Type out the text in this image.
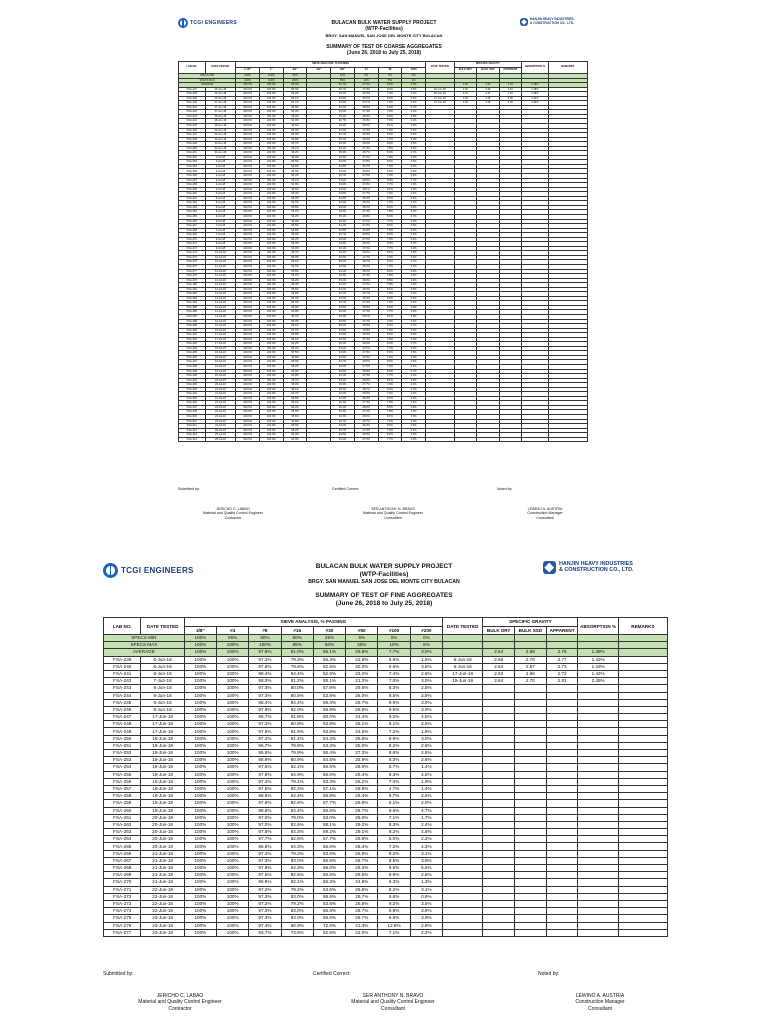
TCGI ENGINEERS
HANJIN HEAVY INDUSTRIES
& CONSTRUCTION CO., LTD.
BULACAN BULK WATER SUPPLY PROJECT
(WTP-Facilities)
BRGY. SAN MANUEL SAN JOSE DEL MONTE CITY BULACAN
SUMMARY OF TEST OF COARSE AGGREGATES
(June 26, 2018 to July 25, 2018)
LAB NO.	DATE TESTED	SIEVE ANALYSIS, % PASSING								DATE TESTED	SPECIFIC GRAVITY			ABSORPTION %	REMARKS
		1 1/2"	1"	3/4"	1/2"	3/8"	#4	#8	#200		BULK DRY	BULK SSD	APPARENT		
SPECS MIN		100%	100%	90%		20%	0%	0%	0%						
SPECS MAX		100%	100%	100%		55%	10%	5%	1%						
AVERAGE		100.0%	100.0%	95.4%		33.7%	27.9%	8.0%	3.5%		2.40	2.46	2.51	1.39%	
FSA-237	26-Jun-18	100.0%	100.0%	95.4%		35.7%	27.9%	8.0%	3.5%	26-Jun-18	2.40	2.46	2.51	1.39%	
FSA-238	26-Jun-18	100.0%	100.0%	95.2%		33.2%	26.0%	7.4%	3.2%	26-Jun-18	2.41	2.47	2.52	1.38%	
FSA-239	26-Jun-18	100.0%	100.0%	96.1%		34.8%	28.3%	8.2%	3.6%	27-Jun-18	2.39	2.45	2.50	1.42%	
FSA-240	27-Jun-18	100.0%	100.0%	94.7%		32.9%	27.1%	7.9%	3.4%	27-Jun-18	2.42	2.48	2.53	1.36%	
FSA-241	27-Jun-18	100.0%	100.0%	95.8%		34.1%	28.6%	8.3%	3.7%						
FSA-242	27-Jun-18	100.0%	100.0%	95.0%		33.6%	27.4%	7.8%	3.3%						
FSA-243	28-Jun-18	100.0%	100.0%	96.3%		35.2%	28.9%	8.5%	3.8%						
FSA-244	28-Jun-18	100.0%	100.0%	94.9%		32.7%	26.8%	7.6%	3.2%						
FSA-245	28-Jun-18	100.0%	100.0%	95.6%		34.4%	28.0%	8.1%	3.5%						
FSA-246	29-Jun-18	100.0%	100.0%	95.3%		33.9%	27.6%	7.9%	3.4%						
FSA-247	29-Jun-18	100.0%	100.0%	96.0%		34.7%	28.4%	8.2%	3.6%						
FSA-248	29-Jun-18	100.0%	100.0%	94.8%		33.1%	26.9%	7.7%	3.3%						
FSA-249	30-Jun-18	100.0%	100.0%	95.7%		34.3%	28.2%	8.0%	3.5%						
FSA-250	30-Jun-18	100.0%	100.0%	95.1%		33.4%	27.3%	7.8%	3.4%						
FSA-251	30-Jun-18	100.0%	100.0%	96.2%		35.0%	28.7%	8.4%	3.7%						
FSA-252	2-Jul-18	100.0%	100.0%	95.0%		33.3%	27.2%	7.8%	3.3%						
FSA-253	2-Jul-18	100.0%	100.0%	95.5%		34.0%	27.8%	8.0%	3.5%						
FSA-254	2-Jul-18	100.0%	100.0%	94.6%		32.8%	26.7%	7.5%	3.2%						
FSA-255	3-Jul-18	100.0%	100.0%	95.9%		34.6%	28.5%	8.3%	3.6%						
FSA-256	3-Jul-18	100.0%	100.0%	95.2%		33.7%	27.5%	7.9%	3.4%						
FSA-257	3-Jul-18	100.0%	100.0%	96.1%		34.9%	28.6%	8.3%	3.7%						
FSA-258	4-Jul-18	100.0%	100.0%	94.9%		33.0%	27.0%	7.7%	3.3%						
FSA-259	4-Jul-18	100.0%	100.0%	95.6%		34.2%	28.1%	8.1%	3.5%						
FSA-260	4-Jul-18	100.0%	100.0%	95.3%		33.8%	27.7%	7.9%	3.4%						
FSA-261	5-Jul-18	100.0%	100.0%	96.0%		34.8%	28.4%	8.2%	3.6%						
FSA-262	5-Jul-18	100.0%	100.0%	94.7%		32.9%	26.9%	7.6%	3.2%						
FSA-263	5-Jul-18	100.0%	100.0%	95.8%		34.5%	28.3%	8.2%	3.6%						
FSA-264	6-Jul-18	100.0%	100.0%	95.1%		33.5%	27.4%	7.8%	3.4%						
FSA-265	6-Jul-18	100.0%	100.0%	96.2%		35.1%	28.8%	8.4%	3.7%						
FSA-266	6-Jul-18	100.0%	100.0%	95.0%		33.2%	27.1%	7.7%	3.3%						
FSA-267	7-Jul-18	100.0%	100.0%	95.5%		34.1%	27.9%	8.0%	3.5%						
FSA-268	7-Jul-18	100.0%	100.0%	94.8%		32.8%	26.8%	7.6%	3.2%						
FSA-269	7-Jul-18	100.0%	100.0%	95.9%		34.7%	28.5%	8.3%	3.6%						
FSA-270	9-Jul-18	100.0%	100.0%	95.2%		33.6%	27.5%	7.9%	3.4%						
FSA-271	9-Jul-18	100.0%	100.0%	96.0%		34.9%	28.6%	8.3%	3.7%						
FSA-272	9-Jul-18	100.0%	100.0%	94.9%		33.1%	27.0%	7.7%	3.3%						
FSA-273	10-Jul-18	100.0%	100.0%	95.7%		34.3%	28.2%	8.1%	3.5%						
FSA-274	10-Jul-18	100.0%	100.0%	95.3%		33.9%	27.7%	7.9%	3.4%						
FSA-275	10-Jul-18	100.0%	100.0%	96.1%		35.0%	28.7%	8.4%	3.7%						
FSA-276	11-Jul-18	100.0%	100.0%	94.7%		32.9%	26.9%	7.6%	3.2%						
FSA-277	11-Jul-18	100.0%	100.0%	95.8%		34.4%	28.3%	8.2%	3.6%						
FSA-278	11-Jul-18	100.0%	100.0%	95.1%		33.4%	27.3%	7.8%	3.4%						
FSA-279	12-Jul-18	100.0%	100.0%	96.2%		35.2%	28.9%	8.5%	3.8%						
FSA-280	12-Jul-18	100.0%	100.0%	95.0%		33.3%	27.2%	7.8%	3.3%						
FSA-281	12-Jul-18	100.0%	100.0%	95.6%		34.2%	28.0%	8.1%	3.5%						
FSA-282	13-Jul-18	100.0%	100.0%	94.8%		32.7%	26.7%	7.5%	3.2%						
FSA-283	13-Jul-18	100.0%	100.0%	95.9%		34.6%	28.4%	8.3%	3.6%						
FSA-284	13-Jul-18	100.0%	100.0%	95.2%		33.7%	27.6%	7.9%	3.4%						
FSA-285	14-Jul-18	100.0%	100.0%	96.0%		34.8%	28.5%	8.2%	3.6%						
FSA-286	14-Jul-18	100.0%	100.0%	94.9%		33.0%	27.0%	7.7%	3.3%						
FSA-287	14-Jul-18	100.0%	100.0%	95.7%		34.3%	28.1%	8.1%	3.5%						
FSA-288	16-Jul-18	100.0%	100.0%	95.3%		33.8%	27.7%	7.9%	3.4%						
FSA-289	16-Jul-18	100.0%	100.0%	96.1%		35.0%	28.8%	8.4%	3.7%						
FSA-290	16-Jul-18	100.0%	100.0%	94.7%		32.8%	26.8%	7.6%	3.2%						
FSA-291	17-Jul-18	100.0%	100.0%	95.8%		34.5%	28.3%	8.2%	3.6%						
FSA-292	17-Jul-18	100.0%	100.0%	95.1%		33.5%	27.4%	7.8%	3.4%						
FSA-293	17-Jul-18	100.0%	100.0%	96.2%		35.1%	28.9%	8.4%	3.7%						
FSA-294	18-Jul-18	100.0%	100.0%	95.0%		33.2%	27.1%	7.7%	3.3%						
FSA-295	18-Jul-18	100.0%	100.0%	95.5%		34.0%	27.9%	8.0%	3.5%						
FSA-296	18-Jul-18	100.0%	100.0%	94.8%		32.9%	26.9%	7.6%	3.2%						
FSA-297	19-Jul-18	100.0%	100.0%	95.9%		34.7%	28.5%	8.3%	3.6%						
FSA-298	19-Jul-18	100.0%	100.0%	95.2%		33.6%	27.5%	7.9%	3.4%						
FSA-299	19-Jul-18	100.0%	100.0%	96.0%		34.9%	28.6%	8.3%	3.7%						
FSA-300	20-Jul-18	100.0%	100.0%	94.9%		33.1%	27.0%	7.7%	3.3%						
FSA-301	20-Jul-18	100.0%	100.0%	95.7%		34.3%	28.2%	8.1%	3.5%						
FSA-302	20-Jul-18	100.0%	100.0%	95.3%		33.9%	27.7%	7.9%	3.4%						
FSA-303	21-Jul-18	100.0%	100.0%	96.1%		35.0%	28.7%	8.4%	3.7%						
FSA-304	21-Jul-18	100.0%	100.0%	94.7%		32.9%	26.9%	7.6%	3.2%						
FSA-305	21-Jul-18	100.0%	100.0%	95.8%		34.4%	28.3%	8.2%	3.6%						
FSA-306	23-Jul-18	100.0%	100.0%	95.1%		33.4%	27.3%	7.8%	3.4%						
FSA-307	23-Jul-18	100.0%	100.0%	96.2%		35.2%	28.9%	8.5%	3.8%						
FSA-308	23-Jul-18	100.0%	100.0%	95.0%		33.3%	27.2%	7.8%	3.3%						
FSA-309	24-Jul-18	100.0%	100.0%	95.6%		34.2%	28.0%	8.1%	3.5%						
FSA-310	24-Jul-18	100.0%	100.0%	94.8%		32.7%	26.7%	7.5%	3.2%						
FSA-311	24-Jul-18	100.0%	100.0%	95.9%		34.6%	28.4%	8.3%	3.6%						
FSA-312	25-Jul-18	100.0%	100.0%	95.2%		33.7%	27.6%	7.9%	3.4%						
FSA-313	25-Jul-18	100.0%	100.0%	96.0%		34.8%	28.5%	8.2%	3.6%						
FSA-314	25-Jul-18	100.0%	100.0%	94.9%		33.0%	27.0%	7.7%	3.3%						
Submitted by:	Certified Correct:	Noted by:
JERICHO C. LABAO
Material and Quality Control Engineer
Contractor
SER ANTHONY N. BRAVO
Material and Quality Control Engineer
Consultant
LEWINO A. AUSTRIA
Construction Manager
Consultant
TCGI ENGINEERS
HANJIN HEAVY INDUSTRIES
& CONSTRUCTION CO., LTD.
BULACAN BULK WATER SUPPLY PROJECT
(WTP-Facilities)
BRGY. SAN MANUEL SAN JOSE DEL MONTE CITY BULACAN
SUMMARY OF TEST OF FINE AGGREGATES
(June 26, 2018 to July 25, 2018)
LAB NO.	DATE TESTED	SIEVE ANALYSIS, % PASSING								DATE TESTED	SPECIFIC GRAVITY			ABSORPTION %	REMARKS
		3/8"	#4	#8	#16	#30	#50	#100	#200		BULK DRY	BULK SSD	APPARENT		
SPECS MIN		100%	95%	80%	50%	25%	5%	0%	0%						
SPECS MAX		100%	100%	100%	85%	60%	30%	10%	5%						
AVERAGE		100%	100%	97.8%	81.0%	56.1%	26.8%	7.7%	3.0%		2.64	2.68	2.76	1.38%	
FSA-239	6-Jun-18	100%	100%	97.2%	79.3%	56.3%	22.9%	5.8%	1.5%	6-Jun-18	2.66	2.70	2.77	1.42%	
FSA-240	6-Jun-18	100%	100%	97.8%	79.6%	52.5%	20.3%	5.6%	3.5%	6-Jun-18	2.64	2.67	2.73	1.43%	
FSA-241	6-Jun-18	100%	100%	98.4%	84.4%	52.9%	23.2%	7.4%	2.6%	17-Jun-18	2.62	2.66	2.72	1.42%	
FSA-242	7-Jun-18	100%	100%	98.0%	81.2%	55.1%	21.3%	7.0%	3.0%	19-Jun-18	2.64	2.70	2.81	2.45%	
FSA-243	6-Jun-18	100%	100%	97.3%	80.0%	57.9%	29.8%	8.3%	2.5%						
FSA-244	8-Jun-18	100%	100%	97.3%	80.6%	53.8%	26.0%	8.5%	2.8%						
FSA-245	8-Jun-18	100%	100%	98.4%	84.4%	59.3%	29.7%	9.9%	3.0%						
FSA-246	8-Jun-18	100%	100%	97.9%	82.0%	59.9%	29.8%	9.5%	3.0%						
FSA-247	17-Jun-18	100%	100%	95.7%	81.8%	60.0%	24.4%	9.2%	4.5%						
FSA-248	17-Jun-18	100%	100%	97.2%	80.8%	53.9%	25.1%	8.1%	2.5%						
FSA-249	17-Jun-18	100%	100%	97.5%	81.5%	53.8%	24.5%	7.2%	1.8%						
FSA-250	18-Jun-18	100%	100%	97.2%	81.1%	54.3%	25.8%	8.9%	3.0%						
FSA-251	18-Jun-18	100%	100%	96.7%	79.8%	53.3%	25.0%	8.2%	2.6%						
FSA-252	18-Jun-18	100%	100%	95.8%	79.9%	56.4%	27.3%	8.8%	2.5%						
FSA-253	18-Jun-18	100%	100%	96.9%	80.9%	54.5%	25.9%	8.3%	2.8%						
FSA-254	18-Jun-18	100%	100%	97.5%	82.1%	56.6%	28.9%	5.7%	1.4%						
FSA-255	19-Jun-18	100%	100%	97.8%	84.9%	56.6%	29.4%	9.3%	4.5%						
FSA-256	19-Jun-18	100%	100%	97.2%	79.1%	53.3%	26.2%	7.0%	1.9%						
FSA-257	19-Jun-18	100%	100%	97.5%	82.2%	57.1%	29.8%	4.7%	1.4%						
FSA-258	19-Jun-18	100%	100%	98.6%	84.4%	58.9%	29.4%	9.7%	2.6%						
FSA-259	19-Jun-18	100%	100%	97.6%	82.6%	57.7%	29.8%	5.1%	2.0%						
FSA-260	19-Jun-18	100%	100%	98.8%	84.4%	56.6%	28.7%	9.6%	4.7%						
FSA-261	20-Jun-18	100%	100%	97.0%	79.0%	53.0%	26.0%	7.1%	1.7%						
FSA-262	20-Jun-18	100%	100%	97.0%	82.6%	58.1%	29.2%	8.3%	2.4%						
FSA-263	20-Jun-18	100%	100%	97.8%	84.3%	59.2%	29.1%	9.2%	4.8%						
FSA-264	20-Jun-18	100%	100%	97.7%	82.6%	57.7%	29.8%	5.0%	2.2%						
FSA-265	20-Jun-18	100%	100%	96.8%	84.3%	56.6%	28.4%	7.2%	4.3%						
FSA-266	21-Jun-18	100%	100%	97.2%	79.2%	53.6%	26.8%	8.2%	3.1%						
FSA-267	21-Jun-18	100%	100%	97.3%	83.0%	56.6%	28.7%	8.5%	3.9%						
FSA-268	21-Jun-18	100%	100%	97.8%	84.3%	59.0%	29.3%	9.5%	5.6%						
FSA-269	21-Jun-18	100%	100%	97.5%	82.5%	56.6%	29.5%	8.9%	2.8%						
FSA-270	21-Jun-18	100%	100%	96.9%	82.1%	56.3%	24.8%	6.3%	1.3%						
FSA-271	22-Jun-18	100%	100%	97.2%	79.2%	53.6%	26.8%	8.2%	3.1%						
FSA-272	22-Jun-18	100%	100%	97.3%	83.0%	56.6%	28.7%	6.8%	0.9%						
FSA-273	22-Jun-18	100%	100%	97.2%	79.2%	53.6%	26.8%	9.2%	3.5%						
FSA-274	22-Jun-18	100%	100%	97.3%	83.0%	56.6%	28.7%	6.8%	3.9%						
FSA-275	23-Jun-18	100%	100%	97.3%	83.0%	56.6%	28.7%	6.8%	3.9%						
FSA-276	23-Jun-18	100%	100%	97.4%	86.9%	72.6%	41.3%	12.8%	2.8%						
FSA-277	23-Jun-18	100%	100%	93.7%	73.6%	52.6%	22.0%	7.1%	2.2%						
Submitted by:	Certified Correct:	Noted by:
JERICHO C. LABAO
Material and Quality Control Engineer
Contractor
SER ANTHONY N. BRAVO
Material and Quality Control Engineer
Consultant
LEWINO A. AUSTRIA
Construction Manager
Consultant
